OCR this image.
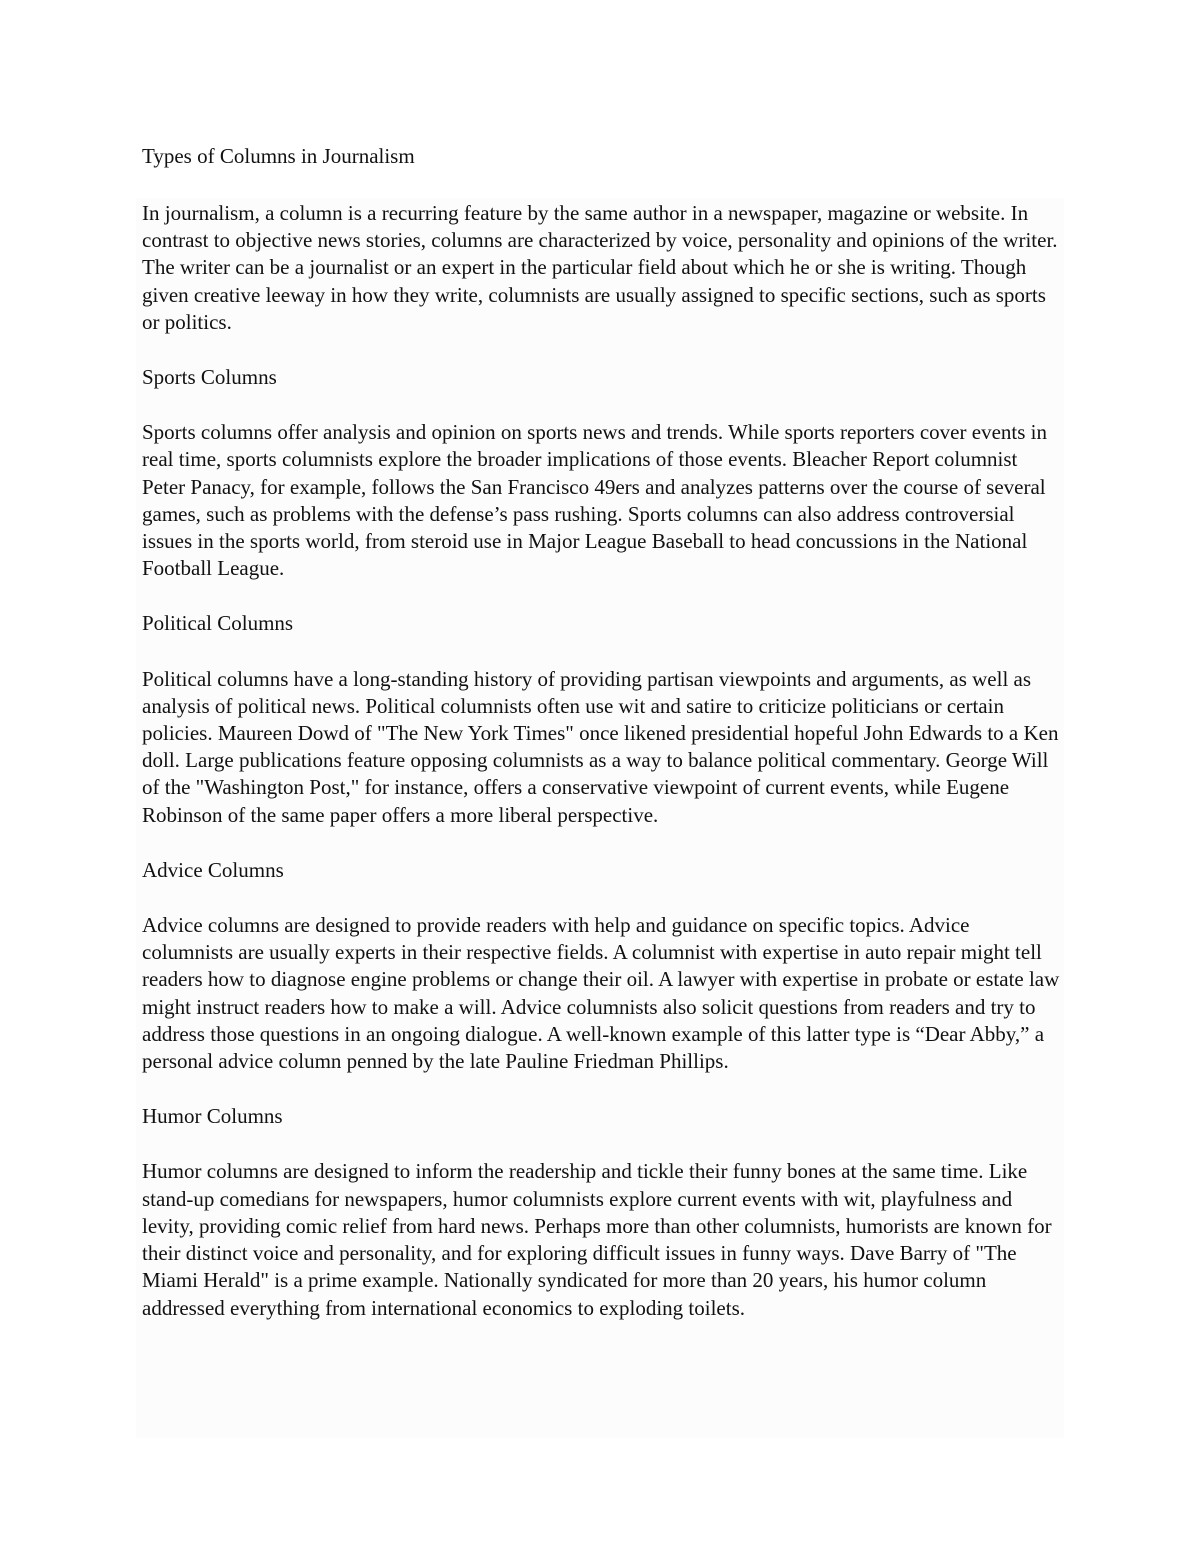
Types of Columns in Journalism

In journalism, a column is a recurring feature by the same author in a newspaper, magazine or website. In contrast to objective news stories, columns are characterized by voice, personality and opinions of the writer. The writer can be a journalist or an expert in the particular field about which he or she is writing. Though given creative leeway in how they write, columnists are usually assigned to specific sections, such as sports or politics.

Sports Columns

Sports columns offer analysis and opinion on sports news and trends. While sports reporters cover events in real time, sports columnists explore the broader implications of those events. Bleacher Report columnist Peter Panacy, for example, follows the San Francisco 49ers and analyzes patterns over the course of several games, such as problems with the defense’s pass rushing. Sports columns can also address controversial issues in the sports world, from steroid use in Major League Baseball to head concussions in the National Football League.

Political Columns

Political columns have a long-standing history of providing partisan viewpoints and arguments, as well as analysis of political news. Political columnists often use wit and satire to criticize politicians or certain policies. Maureen Dowd of "The New York Times" once likened presidential hopeful John Edwards to a Ken doll. Large publications feature opposing columnists as a way to balance political commentary. George Will of the "Washington Post," for instance, offers a conservative viewpoint of current events, while Eugene Robinson of the same paper offers a more liberal perspective.

Advice Columns

Advice columns are designed to provide readers with help and guidance on specific topics. Advice columnists are usually experts in their respective fields. A columnist with expertise in auto repair might tell readers how to diagnose engine problems or change their oil. A lawyer with expertise in probate or estate law might instruct readers how to make a will. Advice columnists also solicit questions from readers and try to address those questions in an ongoing dialogue. A well-known example of this latter type is “Dear Abby,” a personal advice column penned by the late Pauline Friedman Phillips.

Humor Columns

Humor columns are designed to inform the readership and tickle their funny bones at the same time. Like stand-up comedians for newspapers, humor columnists explore current events with wit, playfulness and levity, providing comic relief from hard news. Perhaps more than other columnists, humorists are known for their distinct voice and personality, and for exploring difficult issues in funny ways. Dave Barry of "The Miami Herald" is a prime example. Nationally syndicated for more than 20 years, his humor column addressed everything from international economics to exploding toilets.
